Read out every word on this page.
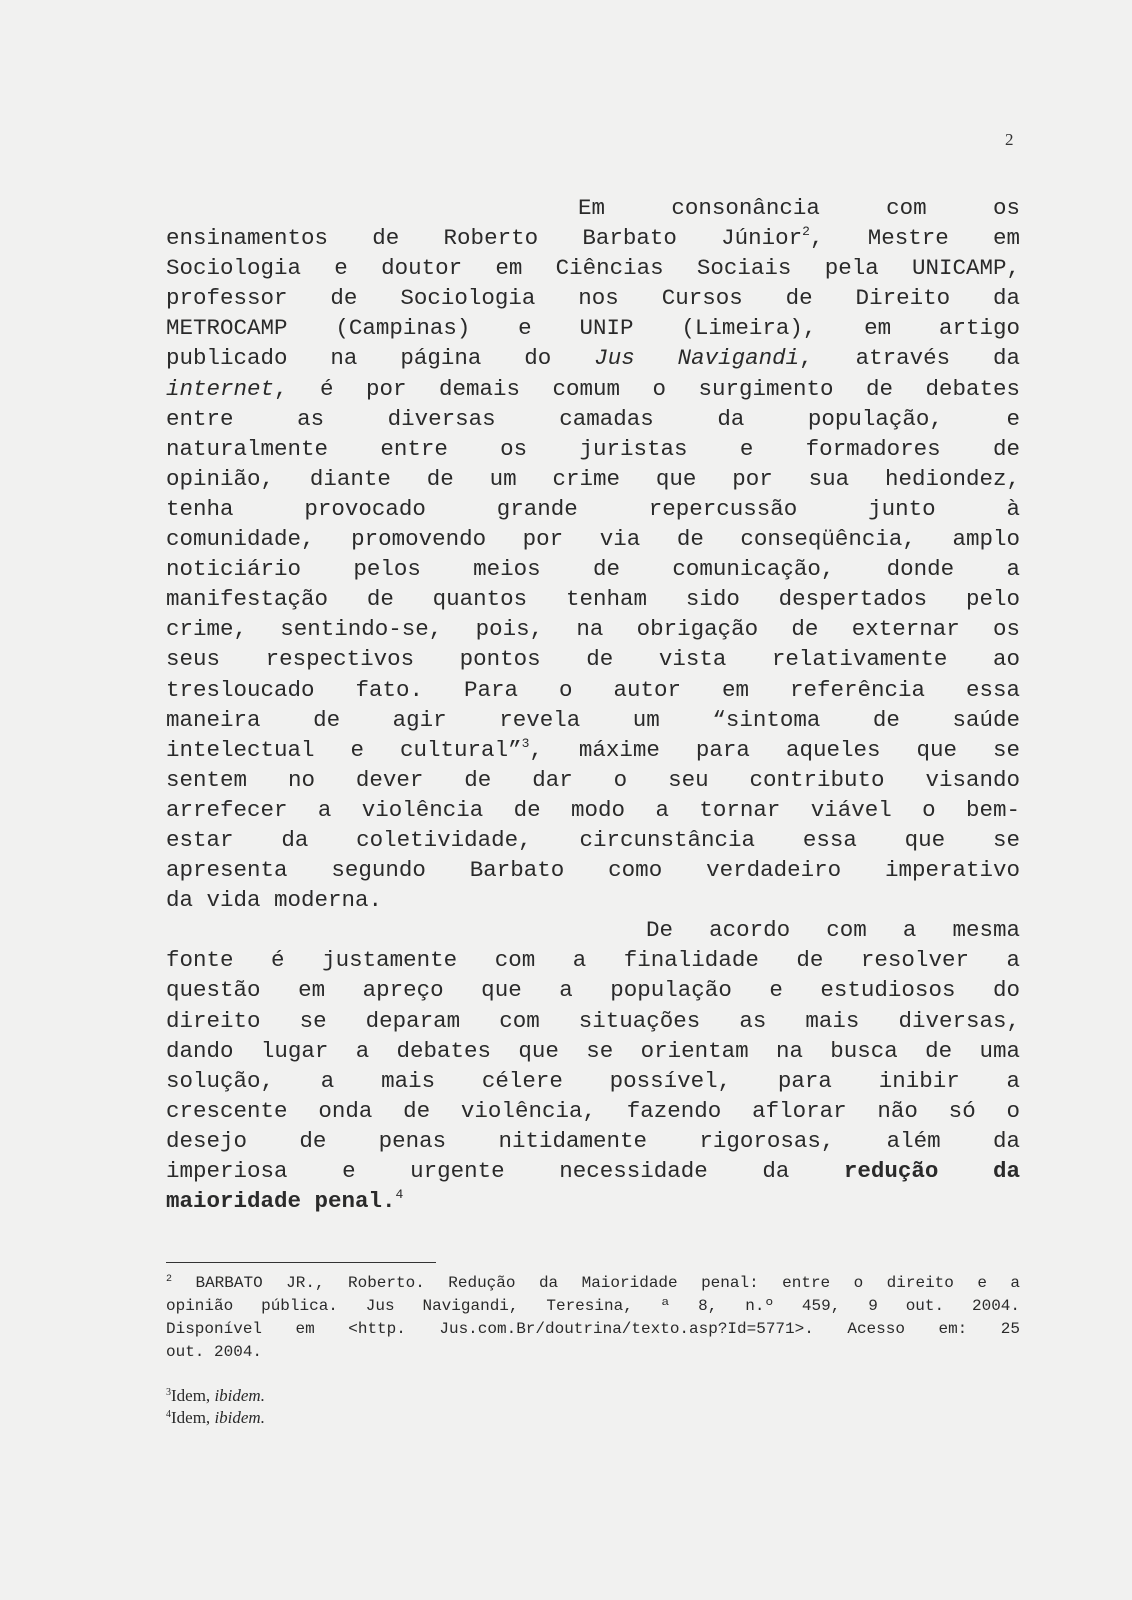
2
Em consonância com os
ensinamentos de Roberto Barbato Júnior$^2$, Mestre em
Sociologia e doutor em Ciências Sociais pela UNICAMP,
professor de Sociologia nos Cursos de Direito da
METROCAMP (Campinas) e UNIP (Limeira), em artigo
publicado na página do Jus Navigandi, através da
internet, é por demais comum o surgimento de debates
entre as diversas camadas da população, e
naturalmente entre os juristas e formadores de
opinião, diante de um crime que por sua hediondez,
tenha provocado grande repercussão junto à
comunidade, promovendo por via de conseqüência, amplo
noticiário pelos meios de comunicação, donde a
manifestação de quantos tenham sido despertados pelo
crime, sentindo-se, pois, na obrigação de externar os
seus respectivos pontos de vista relativamente ao
tresloucado fato. Para o autor em referência essa
maneira de agir revela um “sintoma de saúde
intelectual e cultural”$^3$, máxime para aqueles que se
sentem no dever de dar o seu contributo visando
arrefecer a violência de modo a tornar viável o bem-
estar da coletividade, circunstância essa que se
apresenta segundo Barbato como verdadeiro imperativo
da vida moderna.
De acordo com a mesma
fonte é justamente com a finalidade de resolver a
questão em apreço que a população e estudiosos do
direito se deparam com situações as mais diversas,
dando lugar a debates que se orientam na busca de uma
solução, a mais célere possível, para inibir a
crescente onda de violência, fazendo aflorar não só o
desejo de penas nitidamente rigorosas, além da
imperiosa e urgente necessidade da redução da
maioridade penal.$^4$
$^2$ BARBATO JR., Roberto. Redução da Maioridade penal: entre o direito e a
opinião pública. Jus Navigandi, Teresina, ª 8, n.º 459, 9 out. 2004.
Disponível em <http. Jus.com.Br/doutrina/texto.asp?Id=5771>. Acesso em: 25
out. 2004.
$^3$Idem, ibidem.
$^4$Idem, ibidem.
